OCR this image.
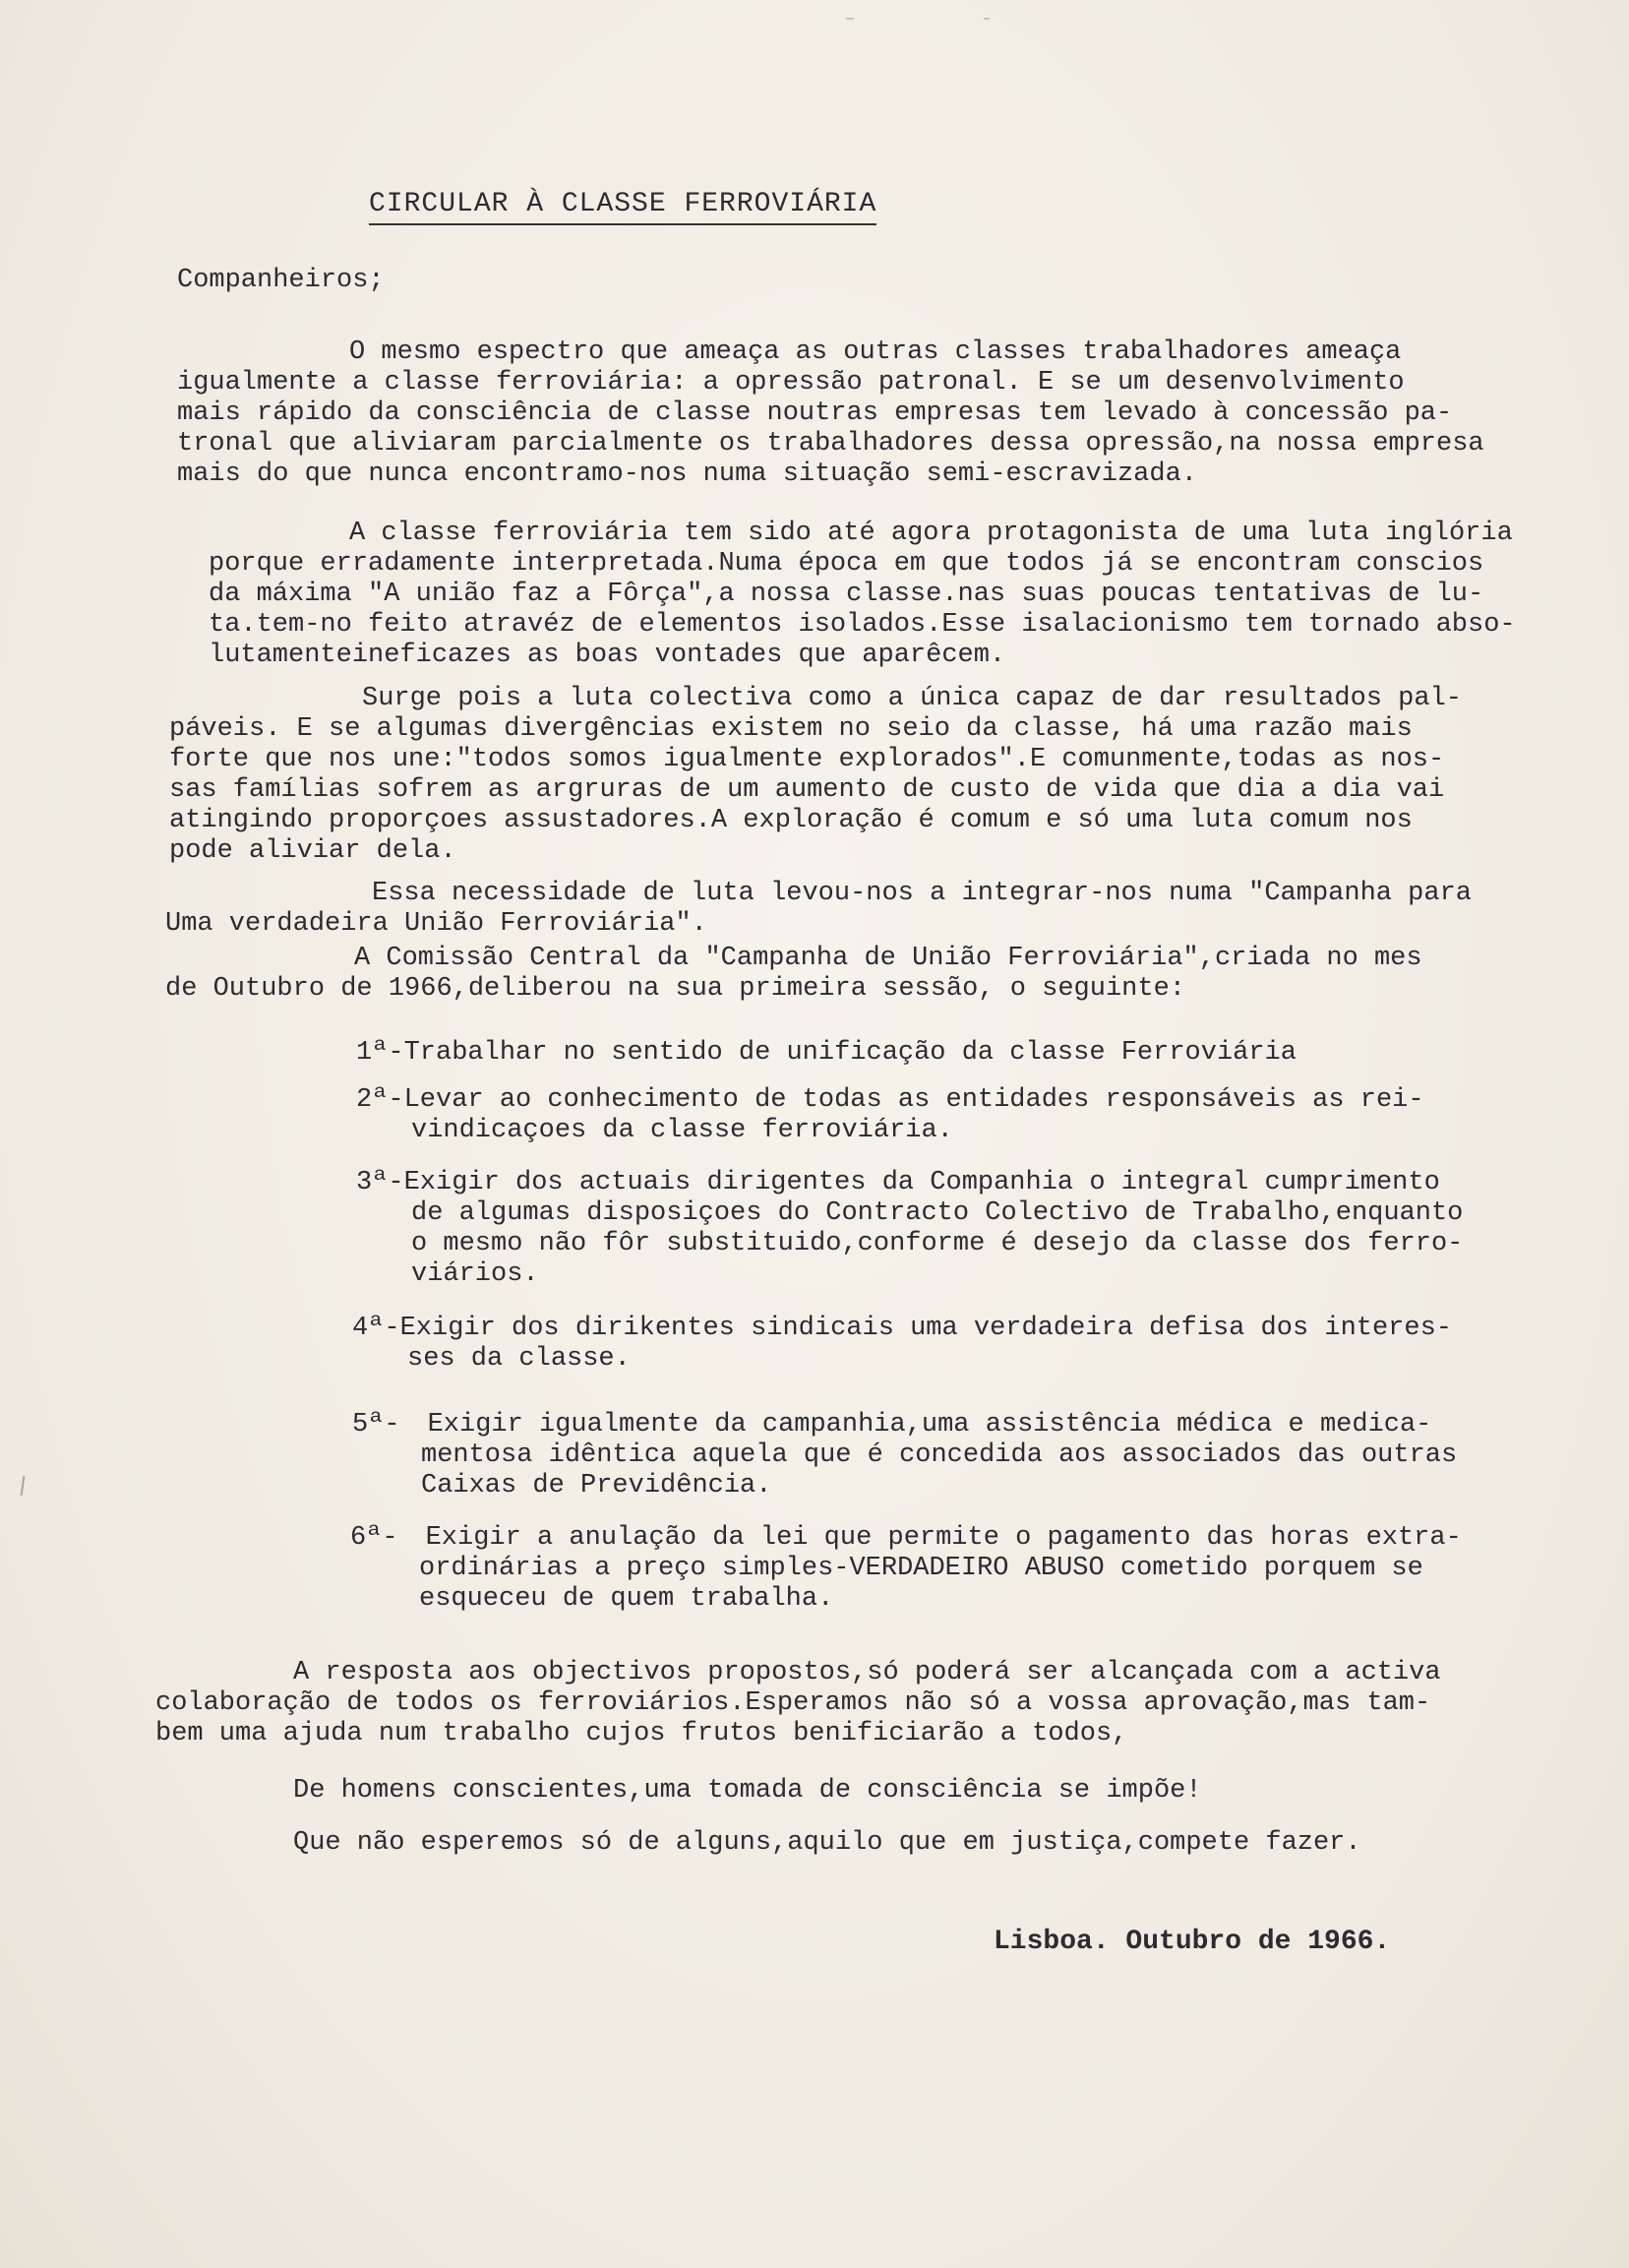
CIRCULAR À CLASSE FERROVIÁRIA
Companheiros;
O mesmo espectro que ameaça as outras classes trabalhadores ameaça
igualmente a classe ferroviária: a opressão patronal. E se um desenvolvimento
mais rápido da consciência de classe noutras empresas tem levado à concessão pa-
tronal que aliviaram parcialmente os trabalhadores dessa opressão,na nossa empresa
mais do que nunca encontramo-nos numa situação semi-escravizada.
A classe ferroviária tem sido até agora protagonista de uma luta inglória
porque erradamente interpretada.Numa época em que todos já se encontram conscios
da máxima "A união faz a Fôrça",a nossa classe.nas suas poucas tentativas de lu-
ta.tem-no feito atravéz de elementos isolados.Esse isalacionismo tem tornado abso-
lutamenteineficazes as boas vontades que aparêcem.
Surge pois a luta colectiva como a única capaz de dar resultados pal-
páveis. E se algumas divergências existem no seio da classe, há uma razão mais
forte que nos une:"todos somos igualmente explorados".E comunmente,todas as nos-
sas famílias sofrem as argruras de um aumento de custo de vida que dia a dia vai
atingindo proporçoes assustadores.A exploração é comum e só uma luta comum nos
pode aliviar dela.
Essa necessidade de luta levou-nos a integrar-nos numa "Campanha para
Uma verdadeira União Ferroviária".
A Comissão Central da "Campanha de União Ferroviária",criada no mes
de Outubro de 1966,deliberou na sua primeira sessão, o seguinte:
1ª-Trabalhar no sentido de unificação da classe Ferroviária
2ª-Levar ao conhecimento de todas as entidades responsáveis as rei-
vindicaçoes da classe ferroviária.
3ª-Exigir dos actuais dirigentes da Companhia o integral cumprimento
de algumas disposiçoes do Contracto Colectivo de Trabalho,enquanto
o mesmo não fôr substituido,conforme é desejo da classe dos ferro-
viários.
4ª-Exigir dos dirikentes sindicais uma verdadeira defisa dos interes-
ses da classe.
5ª- Exigir igualmente da campanhia,uma assistência médica e medica-
mentosa idêntica aquela que é concedida aos associados das outras
Caixas de Previdência.
6ª- Exigir a anulação da lei que permite o pagamento das horas extra-
ordinárias a preço simples-VERDADEIRO ABUSO cometido porquem se
esqueceu de quem trabalha.
A resposta aos objectivos propostos,só poderá ser alcançada com a activa
colaboração de todos os ferroviários.Esperamos não só a vossa aprovação,mas tam-
bem uma ajuda num trabalho cujos frutos benificiarão a todos,
De homens conscientes,uma tomada de consciência se impõe!
Que não esperemos só de alguns,aquilo que em justiça,compete fazer.
Lisboa. Outubro de 1966.
